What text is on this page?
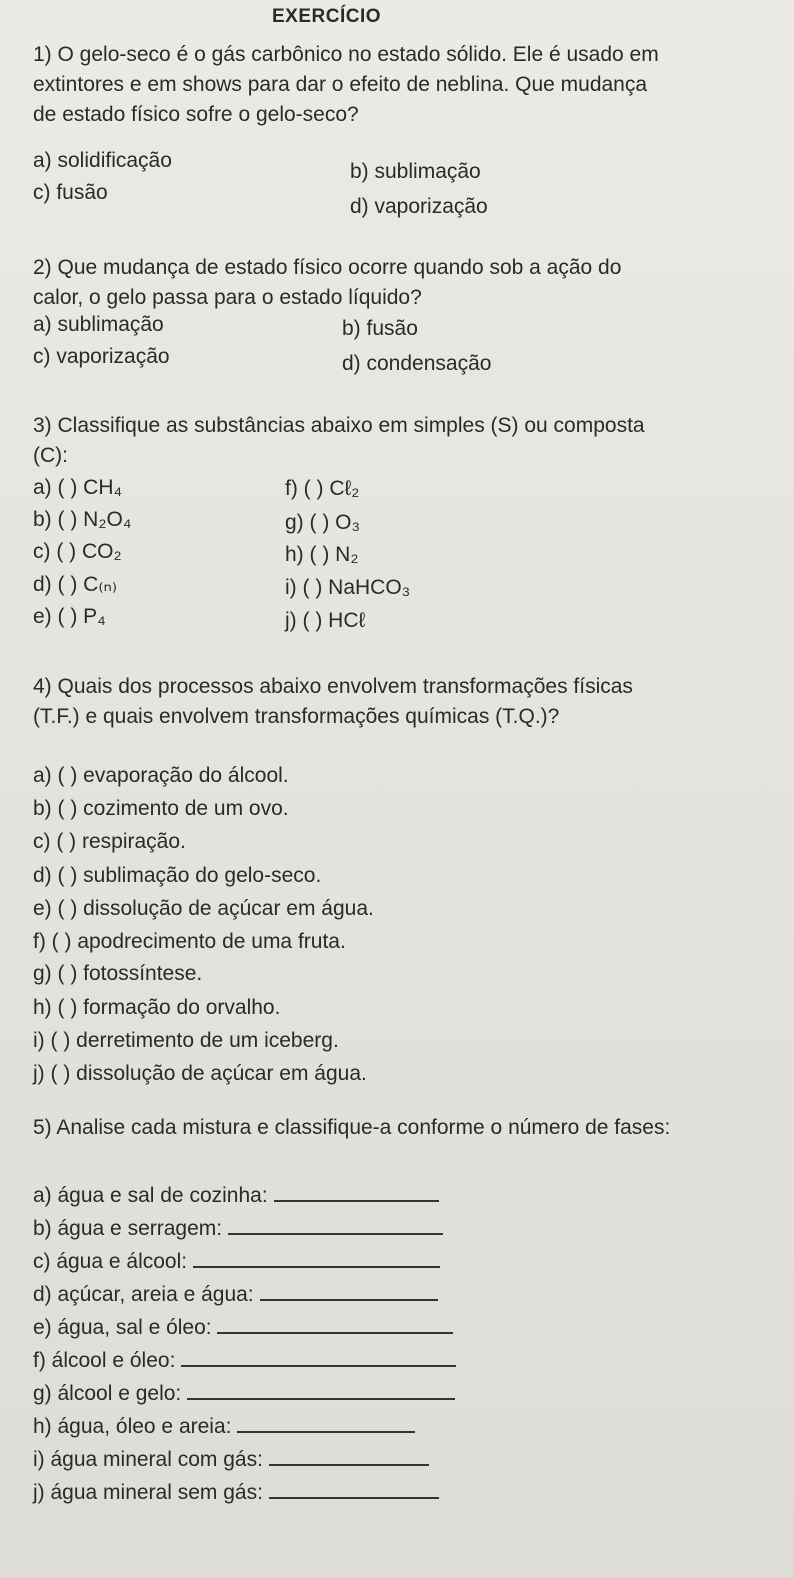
EXERCÍCIO
1) O gelo-seco é o gás carbônico no estado sólido. Ele é usado em extintores e em shows para dar o efeito de neblina. Que mudança de estado físico sofre o gelo-seco?
a) solidificação	b) sublimação
c) fusão
d) vaporização
2) Que mudança de estado físico ocorre quando sob a ação do calor, o gelo passa para o estado líquido?
a) sublimação	b) fusão
c) vaporização	d) condensação
3) Classifique as substâncias abaixo em simples (S) ou composta (C):
a) ( ) CH₄	f) ( ) Cℓ₂
b) ( ) N₂O₄	g) ( ) O₃
c) ( ) CO₂	h) ( ) N₂
d) ( ) C₍ₙ₎	i) ( ) NaHCO₃
e) ( ) P₄	j) ( ) HCℓ
4) Quais dos processos abaixo envolvem transformações físicas (T.F.) e quais envolvem transformações químicas (T.Q.)?
a) ( ) evaporação do álcool.
b) ( ) cozimento de um ovo.
c) ( ) respiração.
d) ( ) sublimação do gelo-seco.
e) ( ) dissolução de açúcar em água.
f) ( ) apodrecimento de uma fruta.
g) ( ) fotossíntese.
h) ( ) formação do orvalho.
i) ( ) derretimento de um iceberg.
j) ( ) dissolução de açúcar em água.
5) Analise cada mistura e classifique-a conforme o número de fases:
a) água e sal de cozinha:
b) água e serragem:
c) água e álcool:
d) açúcar, areia e água:
e) água, sal e óleo:
f) álcool e óleo:
g) álcool e gelo:
h) água, óleo e areia:
i) água mineral com gás:
j) água mineral sem gás:
